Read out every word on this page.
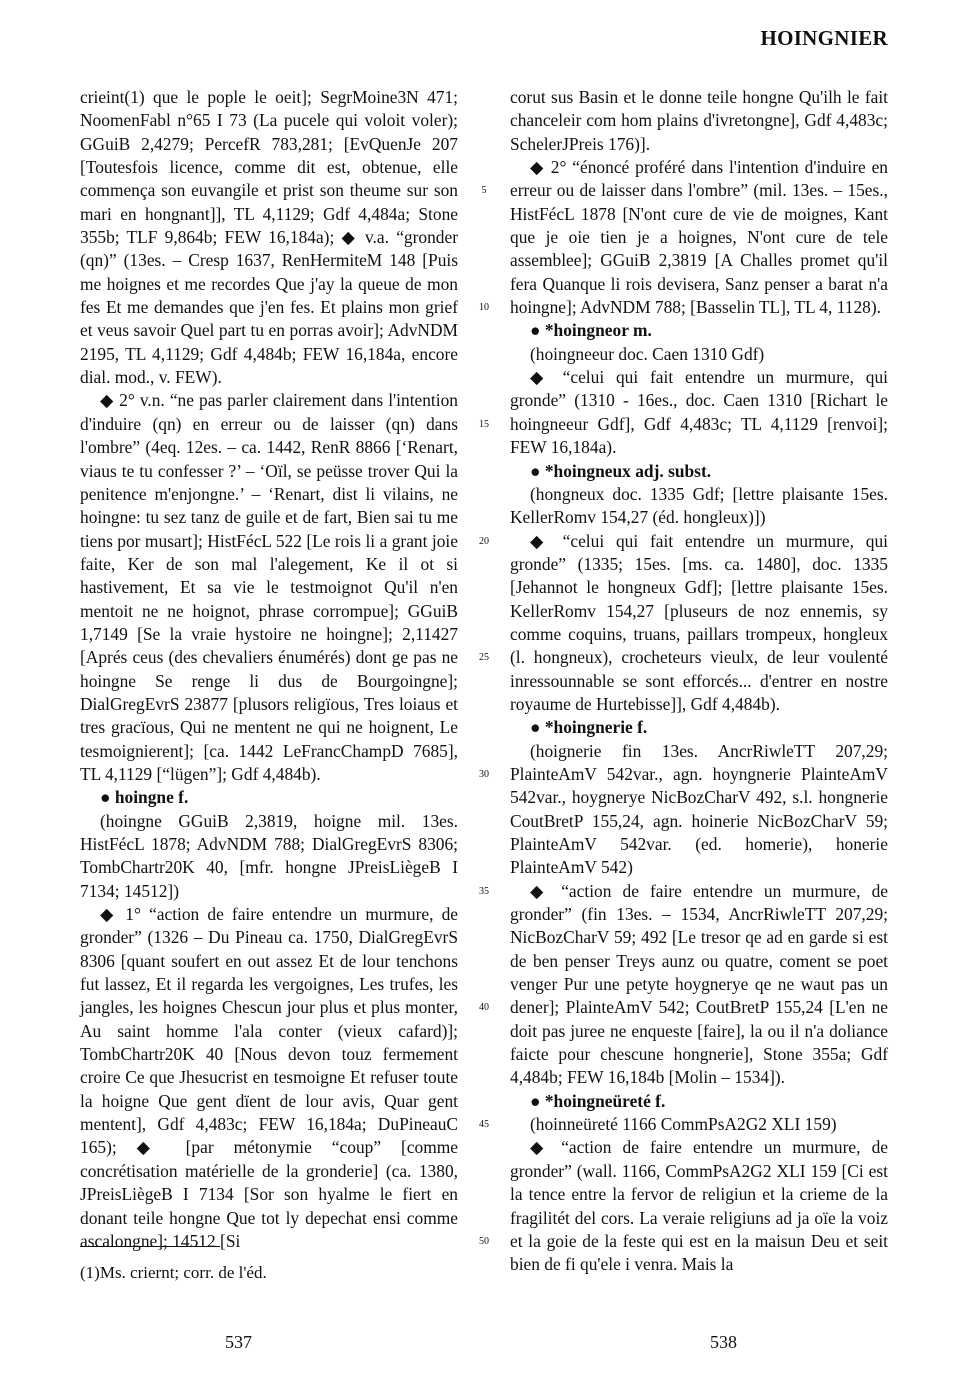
HOINGNIER

crieint(1) que le pople le oeit]; SegrMoine3N 471; NoomenFabl n°65 I 73 (La pucele qui voloit voler); GGuiB 2,4279; PercefR 783,281; [EvQuenJe 207 [Toutesfois licence, comme dit est, obtenue, elle commença son euvangile et prist son theume sur son mari en hongnant]], TL 4,1129; Gdf 4,484a; Stone 355b; TLF 9,864b; FEW 16,184a); ◆ v.a. “gronder (qn)” (13es. – Cresp 1637, RenHermiteM 148 [Puis me hoignes et me recordes Que j'ay la queue de mon fes Et me demandes que j'en fes. Et plains mon grief et veus savoir Quel part tu en porras avoir]; AdvNDM 2195, TL 4,1129; Gdf 4,484b; FEW 16,184a, encore dial. mod., v. FEW).

◆ 2° v.n. “ne pas parler clairement dans l'intention d'induire (qn) en erreur ou de laisser (qn) dans l'ombre” (4eq. 12es. – ca. 1442, RenR 8866 [‘Renart, viaus te tu confesser ?’ – ‘Oïl, se peüsse trover Qui la penitence m'enjongne.’ – ‘Renart, dist li vilains, ne hoingne: tu sez tanz de guile et de fart, Bien sai tu me tiens por musart]; HistFécL 522 [Le rois li a grant joie faite, Ker de son mal l'alegement, Ke il ot si hastivement, Et sa vie le testmoignot Qu'il n'en mentoit ne ne hoignot, phrase corrompue]; GGuiB 1,7149 [Se la vraie hystoire ne hoingne]; 2,11427 [Aprés ceus (des chevaliers énumérés) dont ge pas ne hoingne Se renge li dus de Bourgoingne]; DialGregEvrS 23877 [plusors religïous, Tres loiaus et tres gracïous, Qui ne mentent ne qui ne hoignent, Le tesmoignierent]; [ca. 1442 LeFrancChampD 7685], TL 4,1129 [“lügen”]; Gdf 4,484b).

● hoingne f.

(hoingne GGuiB 2,3819, hoigne mil. 13es. HistFécL 1878; AdvNDM 788; DialGregEvrS 8306; TombChartr20K 40, [mfr. hongne JPreisLiègeB I 7134; 14512])

◆ 1° “action de faire entendre un murmure, de gronder” (1326 – Du Pineau ca. 1750, DialGregEvrS 8306 [quant soufert en out assez Et de lour tenchons fut lassez, Et il regarda les vergoignes, Les trufes, les jangles, les hoignes Chescun jour plus et plus monter, Au saint homme l'ala conter (vieux cafard)]; TombChartr20K 40 [Nous devon touz fermement croire Ce que Jhesucrist en tesmoigne Et refuser toute la hoigne Que gent dïent de lour avis, Quar gent mentent], Gdf 4,483c; FEW 16,184a; DuPineauC 165); ◆ [par métonymie “coup” [comme concrétisation matérielle de la gronderie] (ca. 1380, JPreisLiègeB I 7134 [Sor son hyalme le fiert en donant teile hongne Que tot ly depechat ensi comme ascalongne]; 14512 [Si

5
10
15
20
25
30
35
40
45
50

corut sus Basin et le donne teile hongne Qu'ilh le fait chanceleir com hom plains d'ivretongne], Gdf 4,483c; SchelerJPreis 176)].

◆ 2° “énoncé proféré dans l'intention d'induire en erreur ou de laisser dans l'ombre” (mil. 13es. – 15es., HistFécL 1878 [N'ont cure de vie de moignes, Kant que je oie tien je a hoignes, N'ont cure de tele assemblee]; GGuiB 2,3819 [A Challes promet qu'il fera Quanque li rois devisera, Sanz penser a barat n'a hoingne]; AdvNDM 788; [Basselin TL], TL 4, 1128).

● *hoingneor m.

(hoingneeur doc. Caen 1310 Gdf)

◆ “celui qui fait entendre un murmure, qui gronde” (1310 - 16es., doc. Caen 1310 [Richart le hoingneeur Gdf], Gdf 4,483c; TL 4,1129 [renvoi]; FEW 16,184a).

● *hoingneux adj. subst.

(hongneux doc. 1335 Gdf; [lettre plaisante 15es. KellerRomv 154,27 (éd. hongleux)])

◆ “celui qui fait entendre un murmure, qui gronde” (1335; 15es. [ms. ca. 1480], doc. 1335 [Jehannot le hongneux Gdf]; [lettre plaisante 15es. KellerRomv 154,27 [pluseurs de noz ennemis, sy comme coquins, truans, paillars trompeux, hongleux (l. hongneux), crocheteurs vieulx, de leur voulenté inressounnable se sont efforcés... d'entrer en nostre royaume de Hurtebisse]], Gdf 4,484b).

● *hoingnerie f.

(hoignerie fin 13es. AncrRiwleTT 207,29; PlainteAmV 542var., agn. hoyngnerie PlainteAmV 542var., hoygnerye NicBozCharV 492, s.l. hongnerie CoutBretP 155,24, agn. hoinerie NicBozCharV 59; PlainteAmV 542var. (ed. homerie), honerie PlainteAmV 542)

◆ “action de faire entendre un murmure, de gronder” (fin 13es. – 1534, AncrRiwleTT 207,29; NicBozCharV 59; 492 [Le tresor qe ad en garde si est de ben penser Treys aunz ou quatre, coment se poet venger Pur une petyte hoygnerye qe ne waut pas un dener]; PlainteAmV 542; CoutBretP 155,24 [L'en ne doit pas juree ne enqueste [faire], la ou il n'a doliance faicte pour chescune hongnerie], Stone 355a; Gdf 4,484b; FEW 16,184b [Molin – 1534]).

● *hoingneüreté f.

(hoinneüreté 1166 CommPsA2G2 XLI 159)

◆ “action de faire entendre un murmure, de gronder” (wall. 1166, CommPsA2G2 XLI 159 [Ci est la tence entre la fervor de religiun et la crieme de la fragilitét del cors. La veraie religiuns ad ja oïe la voiz et la goie de la feste qui est en la maisun Deu et seit bien de fi qu'ele i venra. Mais la

(1)Ms. criernt; corr. de l'éd.
537	538
